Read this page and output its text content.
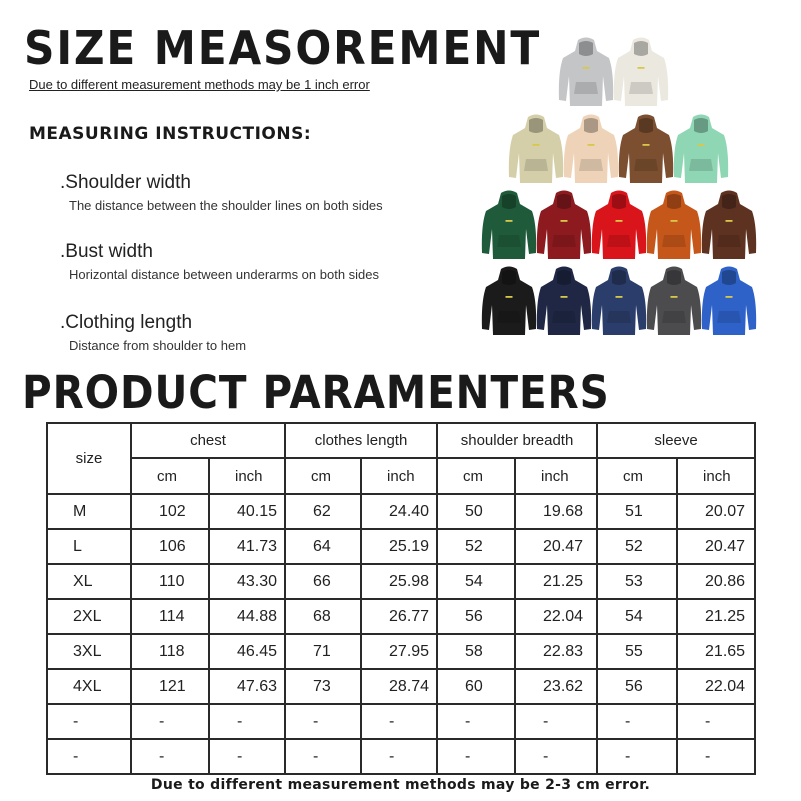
SIZE MEASOREMENT
Due to different measurement methods may be 1 inch error
MEASURING INSTRUCTIONS:
.Shoulder width
The distance between the shoulder lines on both sides
.Bust width
Horizontal distance between underarms on both sides
.Clothing length
Distance from shoulder to hem
PRODUCT PARAMENTERS
size	chest		clothes length		shoulder breadth		sleeve	
	cm	inch	cm	inch	cm	inch	cm	inch
M	102	40.15	62	24.40	50	19.68	51	20.07
L	106	41.73	64	25.19	52	20.47	52	20.47
XL	110	43.30	66	25.98	54	21.25	53	20.86
2XL	114	44.88	68	26.77	56	22.04	54	21.25
3XL	118	46.45	71	27.95	58	22.83	55	21.65
4XL	121	47.63	73	28.74	60	23.62	56	22.04
-	-	-	-	-	-	-	-	-
-	-	-	-	-	-	-	-	-
Due to different measurement methods may be 2-3 cm error.
